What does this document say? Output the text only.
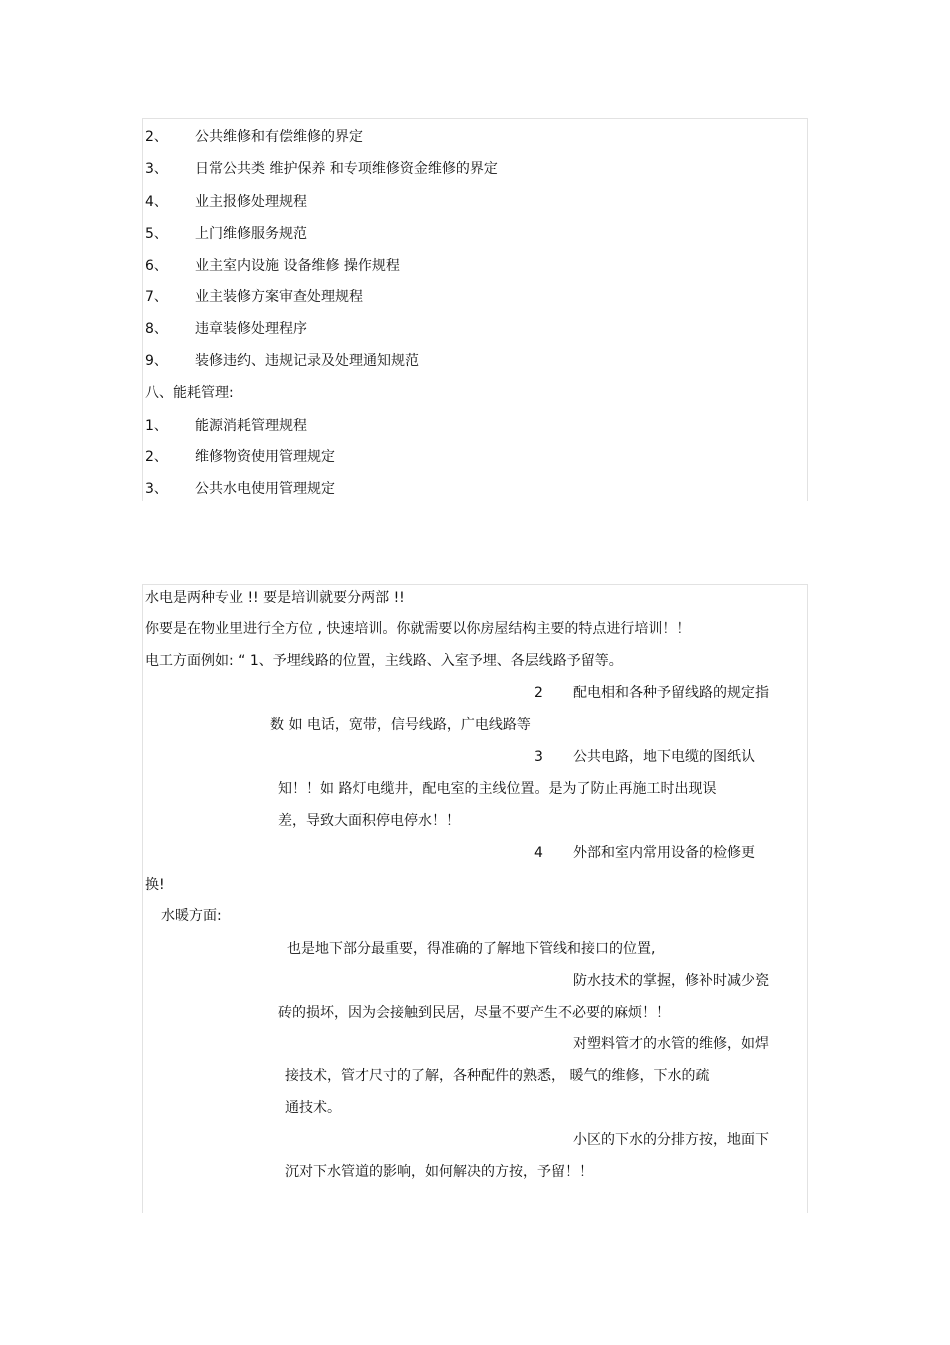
2、 公共维修和有偿维修的界定
3、 日常公共类 维护保养 和专项维修资金维修的界定
4、 业主报修处理规程
5、 上门维修服务规范
6、 业主室内设施 设备维修 操作规程
7、 业主装修方案审查处理规程
8、 违章装修处理程序
9、 装修违约、违规记录及处理通知规范
八、能耗管理:
1、 能源消耗管理规程
2、 维修物资使用管理规定
3、 公共水电使用管理规定
水电是两种专业 !! 要是培训就要分两部 !!
你要是在物业里进行全方位 , 快速培训。你就需要以你房屋结构主要的特点进行培训！！
电工方面例如: “ 1、予埋线路的位置，主线路、入室予埋、各层线路予留等。
2 配电相和各种予留线路的规定指
数 如 电话，宽带，信号线路，广电线路等
3 公共电路，地下电缆的图纸认
知！！如 路灯电缆井，配电室的主线位置。是为了防止再施工时出现误
差，导致大面积停电停水！！
4 外部和室内常用设备的检修更
换!
水暖方面:
也是地下部分最重要，得准确的了解地下管线和接口的位置,
防水技术的掌握，修补时减少瓷
砖的损坏，因为会接触到民居，尽量不要产生不必要的麻烦！！
对塑料管才的水管的维修，如焊
接技术，管才尺寸的了解，各种配件的熟悉， 暖气的维修，下水的疏
通技术。
小区的下水的分排方按，地面下
沉对下水管道的影响，如何解决的方按，予留！！
